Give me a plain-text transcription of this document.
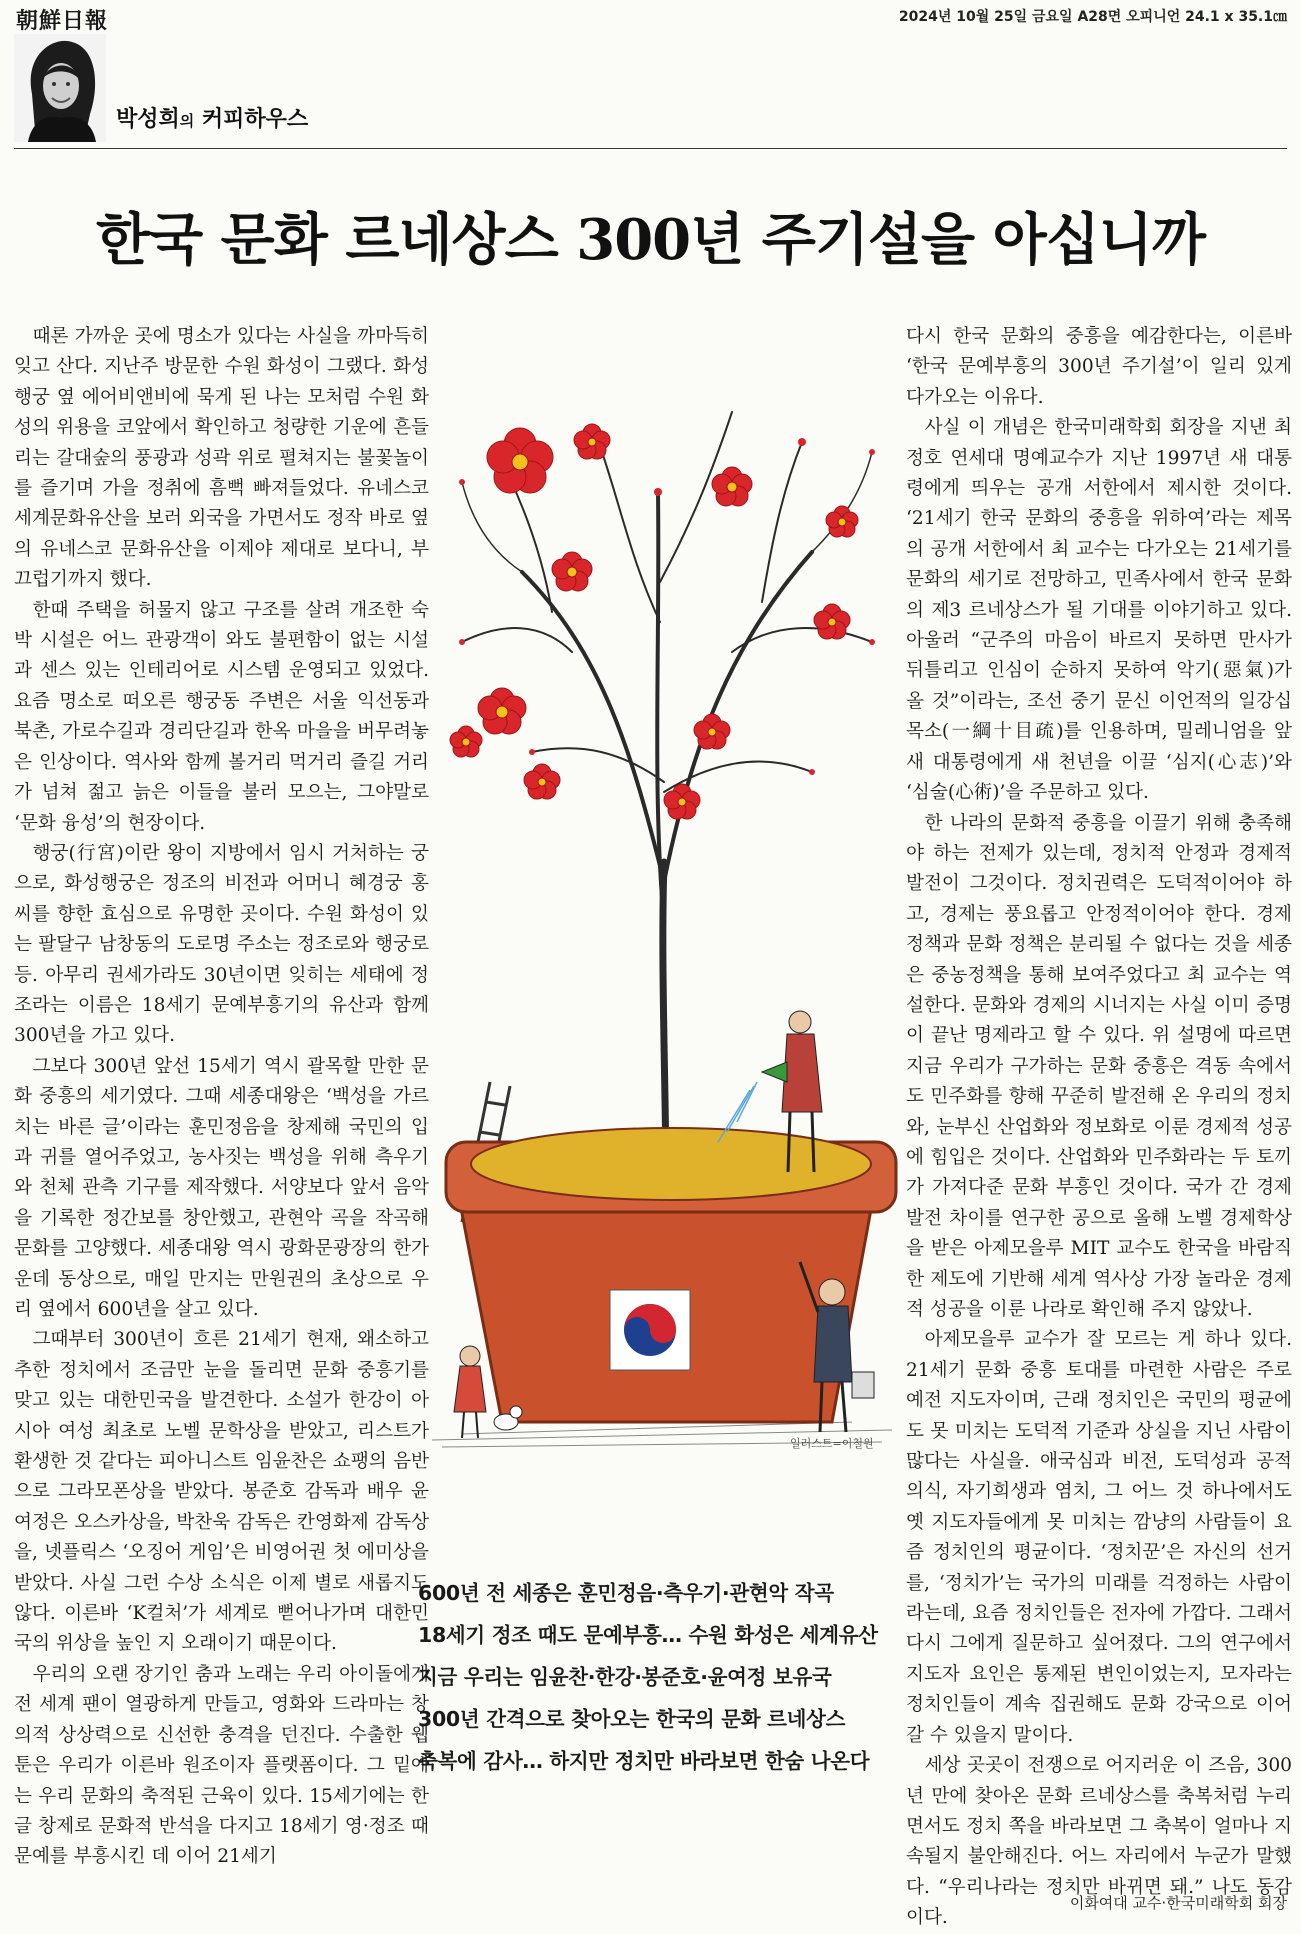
朝鮮日報	2024년 10월 25일 금요일 A28면 오피니언 24.1 x 35.1㎝
박성희의 커피하우스
한국 문화 르네상스 300년 주기설을 아십니까

때론 가까운 곳에 명소가 있다는 사실을 까마득히 잊고 산다. 지난주 방문한 수원 화성이 그랬다. 화성행궁 옆 에어비앤비에 묵게 된 나는 모처럼 수원 화성의 위용을 코앞에서 확인하고 청량한 기운에 흔들리는 갈대숲의 풍광과 성곽 위로 펼쳐지는 불꽃놀이를 즐기며 가을 정취에 흠뻑 빠져들었다. 유네스코 세계문화유산을 보러 외국을 가면서도 정작 바로 옆의 유네스코 문화유산을 이제야 제대로 보다니, 부끄럽기까지 했다.

한때 주택을 허물지 않고 구조를 살려 개조한 숙박 시설은 어느 관광객이 와도 불편함이 없는 시설과 센스 있는 인테리어로 시스템 운영되고 있었다. 요즘 명소로 떠오른 행궁동 주변은 서울 익선동과 북촌, 가로수길과 경리단길과 한옥 마을을 버무려놓은 인상이다. 역사와 함께 볼거리 먹거리 즐길 거리가 넘쳐 젊고 늙은 이들을 불러 모으는, 그야말로 ‘문화 융성’의 현장이다.

행궁(行宮)이란 왕이 지방에서 임시 거처하는 궁으로, 화성행궁은 정조의 비전과 어머니 혜경궁 홍씨를 향한 효심으로 유명한 곳이다. 수원 화성이 있는 팔달구 남창동의 도로명 주소는 정조로와 행궁로 등. 아무리 권세가라도 30년이면 잊히는 세태에 정조라는 이름은 18세기 문예부흥기의 유산과 함께 300년을 가고 있다.

그보다 300년 앞선 15세기 역시 괄목할 만한 문화 중흥의 세기였다. 그때 세종대왕은 ‘백성을 가르치는 바른 글’이라는 훈민정음을 창제해 국민의 입과 귀를 열어주었고, 농사짓는 백성을 위해 측우기와 천체 관측 기구를 제작했다. 서양보다 앞서 음악을 기록한 정간보를 창안했고, 관현악 곡을 작곡해 문화를 고양했다. 세종대왕 역시 광화문광장의 한가운데 동상으로, 매일 만지는 만원권의 초상으로 우리 옆에서 600년을 살고 있다.

그때부터 300년이 흐른 21세기 현재, 왜소하고 추한 정치에서 조금만 눈을 돌리면 문화 중흥기를 맞고 있는 대한민국을 발견한다. 소설가 한강이 아시아 여성 최초로 노벨 문학상을 받았고, 리스트가 환생한 것 같다는 피아니스트 임윤찬은 쇼팽의 음반으로 그라모폰상을 받았다. 봉준호 감독과 배우 윤여정은 오스카상을, 박찬욱 감독은 칸영화제 감독상을, 넷플릭스 ‘오징어 게임’은 비영어권 첫 에미상을 받았다. 사실 그런 수상 소식은 이제 별로 새롭지도 않다. 이른바 ‘K컬처’가 세계로 뻗어나가며 대한민국의 위상을 높인 지 오래이기 때문이다.

우리의 오랜 장기인 춤과 노래는 우리 아이돌에게 전 세계 팬이 열광하게 만들고, 영화와 드라마는 창의적 상상력으로 신선한 충격을 던진다. 수출한 웹툰은 우리가 이른바 원조이자 플랫폼이다. 그 밑에는 우리 문화의 축적된 근육이 있다. 15세기에는 한글 창제로 문화적 반석을 다지고 18세기 영·정조 때 문예를 부흥시킨 데 이어 21세기

일러스트=이철원
600년 전 세종은 훈민정음·측우기·관현악 작곡
18세기 정조 때도 문예부흥… 수원 화성은 세계유산
지금 우리는 임윤찬·한강·봉준호·윤여정 보유국
300년 간격으로 찾아오는 한국의 문화 르네상스
축복에 감사… 하지만 정치만 바라보면 한숨 나온다

다시 한국 문화의 중흥을 예감한다는, 이른바 ‘한국 문예부흥의 300년 주기설’이 일리 있게 다가오는 이유다.

사실 이 개념은 한국미래학회 회장을 지낸 최정호 연세대 명예교수가 지난 1997년 새 대통령에게 띄우는 공개 서한에서 제시한 것이다. ‘21세기 한국 문화의 중흥을 위하여’라는 제목의 공개 서한에서 최 교수는 다가오는 21세기를 문화의 세기로 전망하고, 민족사에서 한국 문화의 제3 르네상스가 될 기대를 이야기하고 있다. 아울러 “군주의 마음이 바르지 못하면 만사가 뒤틀리고 인심이 순하지 못하여 악기(惡氣)가 올 것”이라는, 조선 중기 문신 이언적의 일강십목소(一綱十目疏)를 인용하며, 밀레니엄을 앞 새 대통령에게 새 천년을 이끌 ‘심지(心志)’와 ‘심술(心術)’을 주문하고 있다.

한 나라의 문화적 중흥을 이끌기 위해 충족해야 하는 전제가 있는데, 정치적 안정과 경제적 발전이 그것이다. 정치권력은 도덕적이어야 하고, 경제는 풍요롭고 안정적이어야 한다. 경제 정책과 문화 정책은 분리될 수 없다는 것을 세종은 중농정책을 통해 보여주었다고 최 교수는 역설한다. 문화와 경제의 시너지는 사실 이미 증명이 끝난 명제라고 할 수 있다. 위 설명에 따르면 지금 우리가 구가하는 문화 중흥은 격동 속에서도 민주화를 향해 꾸준히 발전해 온 우리의 정치와, 눈부신 산업화와 정보화로 이룬 경제적 성공에 힘입은 것이다. 산업화와 민주화라는 두 토끼가 가져다준 문화 부흥인 것이다. 국가 간 경제 발전 차이를 연구한 공으로 올해 노벨 경제학상을 받은 아제모을루 MIT 교수도 한국을 바람직한 제도에 기반해 세계 역사상 가장 놀라운 경제적 성공을 이룬 나라로 확인해 주지 않았나.

아제모을루 교수가 잘 모르는 게 하나 있다. 21세기 문화 중흥 토대를 마련한 사람은 주로 예전 지도자이며, 근래 정치인은 국민의 평균에도 못 미치는 도덕적 기준과 상실을 지닌 사람이 많다는 사실을. 애국심과 비전, 도덕성과 공적 의식, 자기희생과 염치, 그 어느 것 하나에서도 옛 지도자들에게 못 미치는 깜냥의 사람들이 요즘 정치인의 평균이다. ‘정치꾼’은 자신의 선거를, ‘정치가’는 국가의 미래를 걱정하는 사람이라는데, 요즘 정치인들은 전자에 가깝다. 그래서 다시 그에게 질문하고 싶어졌다. 그의 연구에서 지도자 요인은 통제된 변인이었는지, 모자라는 정치인들이 계속 집권해도 문화 강국으로 이어갈 수 있을지 말이다.

세상 곳곳이 전쟁으로 어지러운 이 즈음, 300년 만에 찾아온 문화 르네상스를 축복처럼 누리면서도 정치 쪽을 바라보면 그 축복이 얼마나 지속될지 불안해진다. 어느 자리에서 누군가 말했다. “우리나라는 정치만 바뀌면 돼.” 나도 동감이다.

이화여대 교수·한국미래학회 회장
